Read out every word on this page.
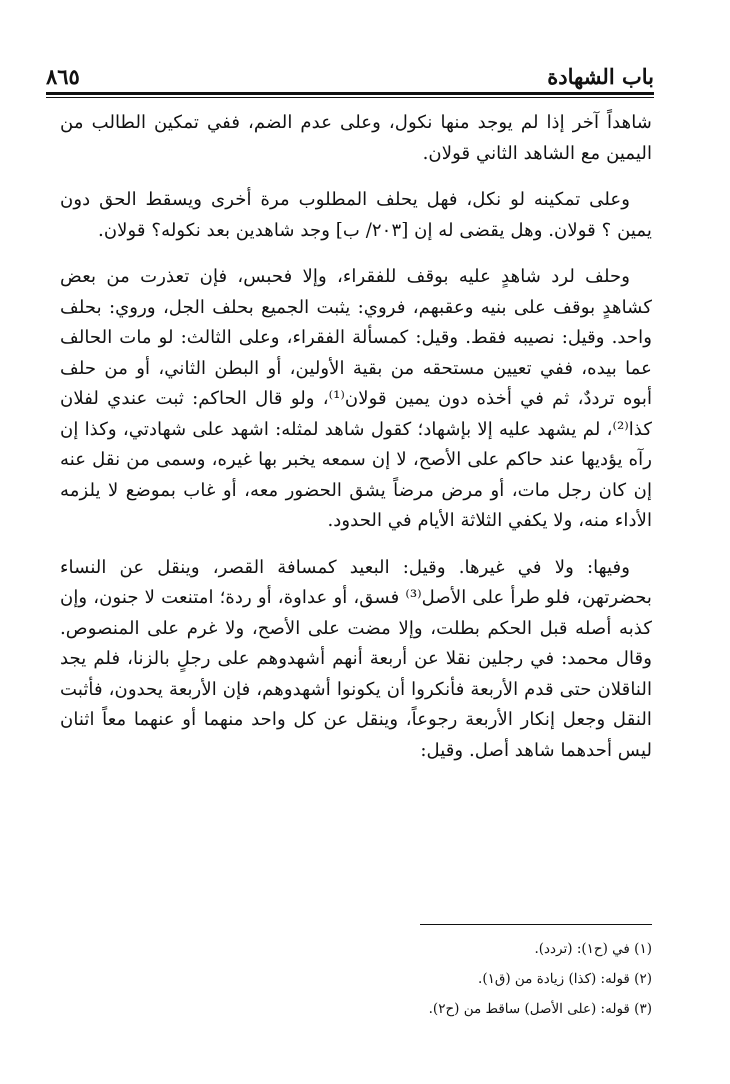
باب الشهادة
٨٦٥

شاهداً آخر إذا لم يوجد منها نكول، وعلى عدم الضم، ففي تمكين الطالب من اليمين مع الشاهد الثاني قولان.

وعلى تمكينه لو نكل، فهل يحلف المطلوب مرة أخرى ويسقط الحق دون يمين ؟ قولان. وهل يقضى له إن [٢٠٣/ ب] وجد شاهدين بعد نكوله؟ قولان.

وحلف لرد شاهدٍ عليه بوقف للفقراء، وإلا فحبس، فإن تعذرت من بعض كشاهدٍ بوقف على بنيه وعقبهم، فروي: يثبت الجميع بحلف الجل، وروي: بحلف واحد. وقيل: نصيبه فقط. وقيل: كمسألة الفقراء، وعلى الثالث: لو مات الحالف عما بيده، ففي تعيين مستحقه من بقية الأولين، أو البطن الثاني، أو من حلف أبوه ترددٌ، ثم في أخذه دون يمين قولان⁽¹⁾، ولو قال الحاكم: ثبت عندي لفلان كذا⁽²⁾، لم يشهد عليه إلا بإشهاد؛ كقول شاهد لمثله: اشهد على شهادتي، وكذا إن رآه يؤديها عند حاكم على الأصح، لا إن سمعه يخبر بها غيره، وسمى من نقل عنه إن كان رجل مات، أو مرض مرضاً يشق الحضور معه، أو غاب بموضع لا يلزمه الأداء منه، ولا يكفي الثلاثة الأيام في الحدود.

وفيها: ولا في غيرها. وقيل: البعيد كمسافة القصر، وينقل عن النساء بحضرتهن، فلو طرأ على الأصل⁽³⁾ فسق، أو عداوة، أو ردة؛ امتنعت لا جنون، وإن كذبه أصله قبل الحكم بطلت، وإلا مضت على الأصح، ولا غرم على المنصوص. وقال محمد: في رجلين نقلا عن أربعة أنهم أشهدوهم على رجلٍ بالزنا، فلم يجد الناقلان حتى قدم الأربعة فأنكروا أن يكونوا أشهدوهم، فإن الأربعة يحدون، فأثبت النقل وجعل إنكار الأربعة رجوعاً، وينقل عن كل واحد منهما أو عنهما معاً اثنان ليس أحدهما شاهد أصل. وقيل:

(١) في (ح١): (تردد).
(٢) قوله: (كذا) زيادة من (ق١).
(٣) قوله: (على الأصل) ساقط من (ح٢).
